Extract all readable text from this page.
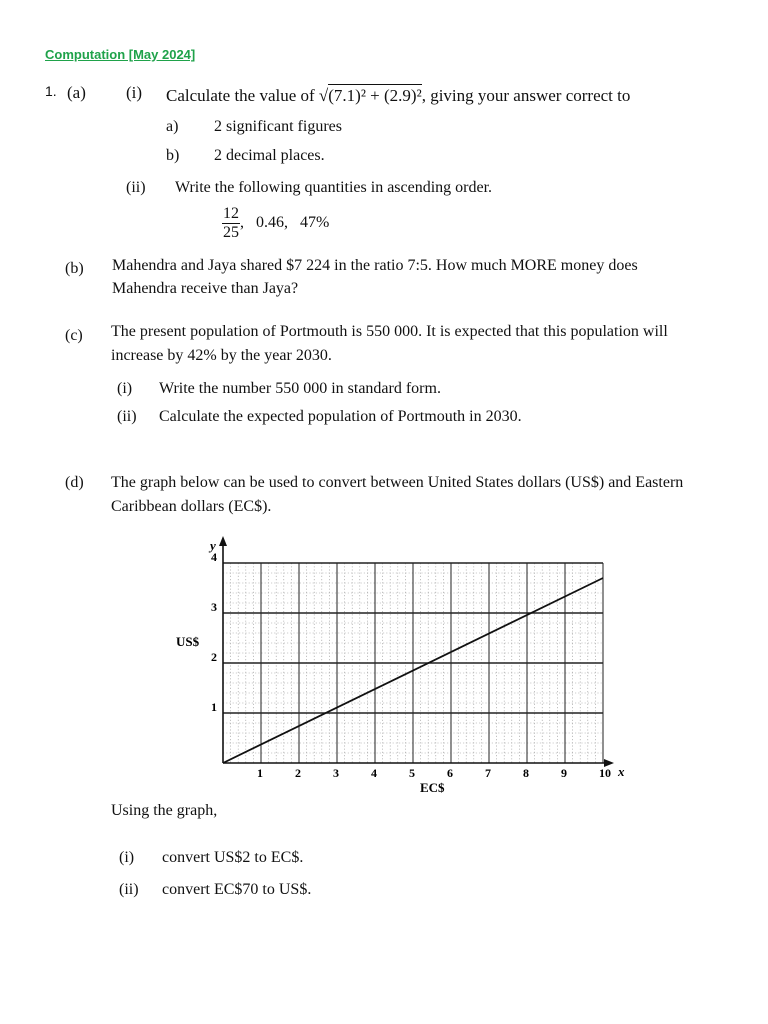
Computation [May 2024]
1. (a) (i) Calculate the value of √(7.1)² + (2.9)², giving your answer correct to
a) 2 significant figures
b) 2 decimal places.
(ii) Write the following quantities in ascending order.
$\frac{12}{25}$ ,   0.46,   47%
(b) Mahendra and Jaya shared $7 224 in the ratio 7:5. How much MORE money does
Mahendra receive than Jaya?
(c) The present population of Portmouth is 550 000. It is expected that this population will
increase by 42% by the year 2030.
(i) Write the number 550 000 in standard form.
(ii) Calculate the expected population of Portmouth in 2030.
(d) The graph below can be used to convert between United States dollars (US$) and Eastern
Caribbean dollars (EC$).
1	2	3	4	5	6	7	8	9	10
1
2
3
4
y
x
US$
EC$
Using the graph,
(i) convert US$2 to EC$.
(ii) convert EC$70 to US$.
